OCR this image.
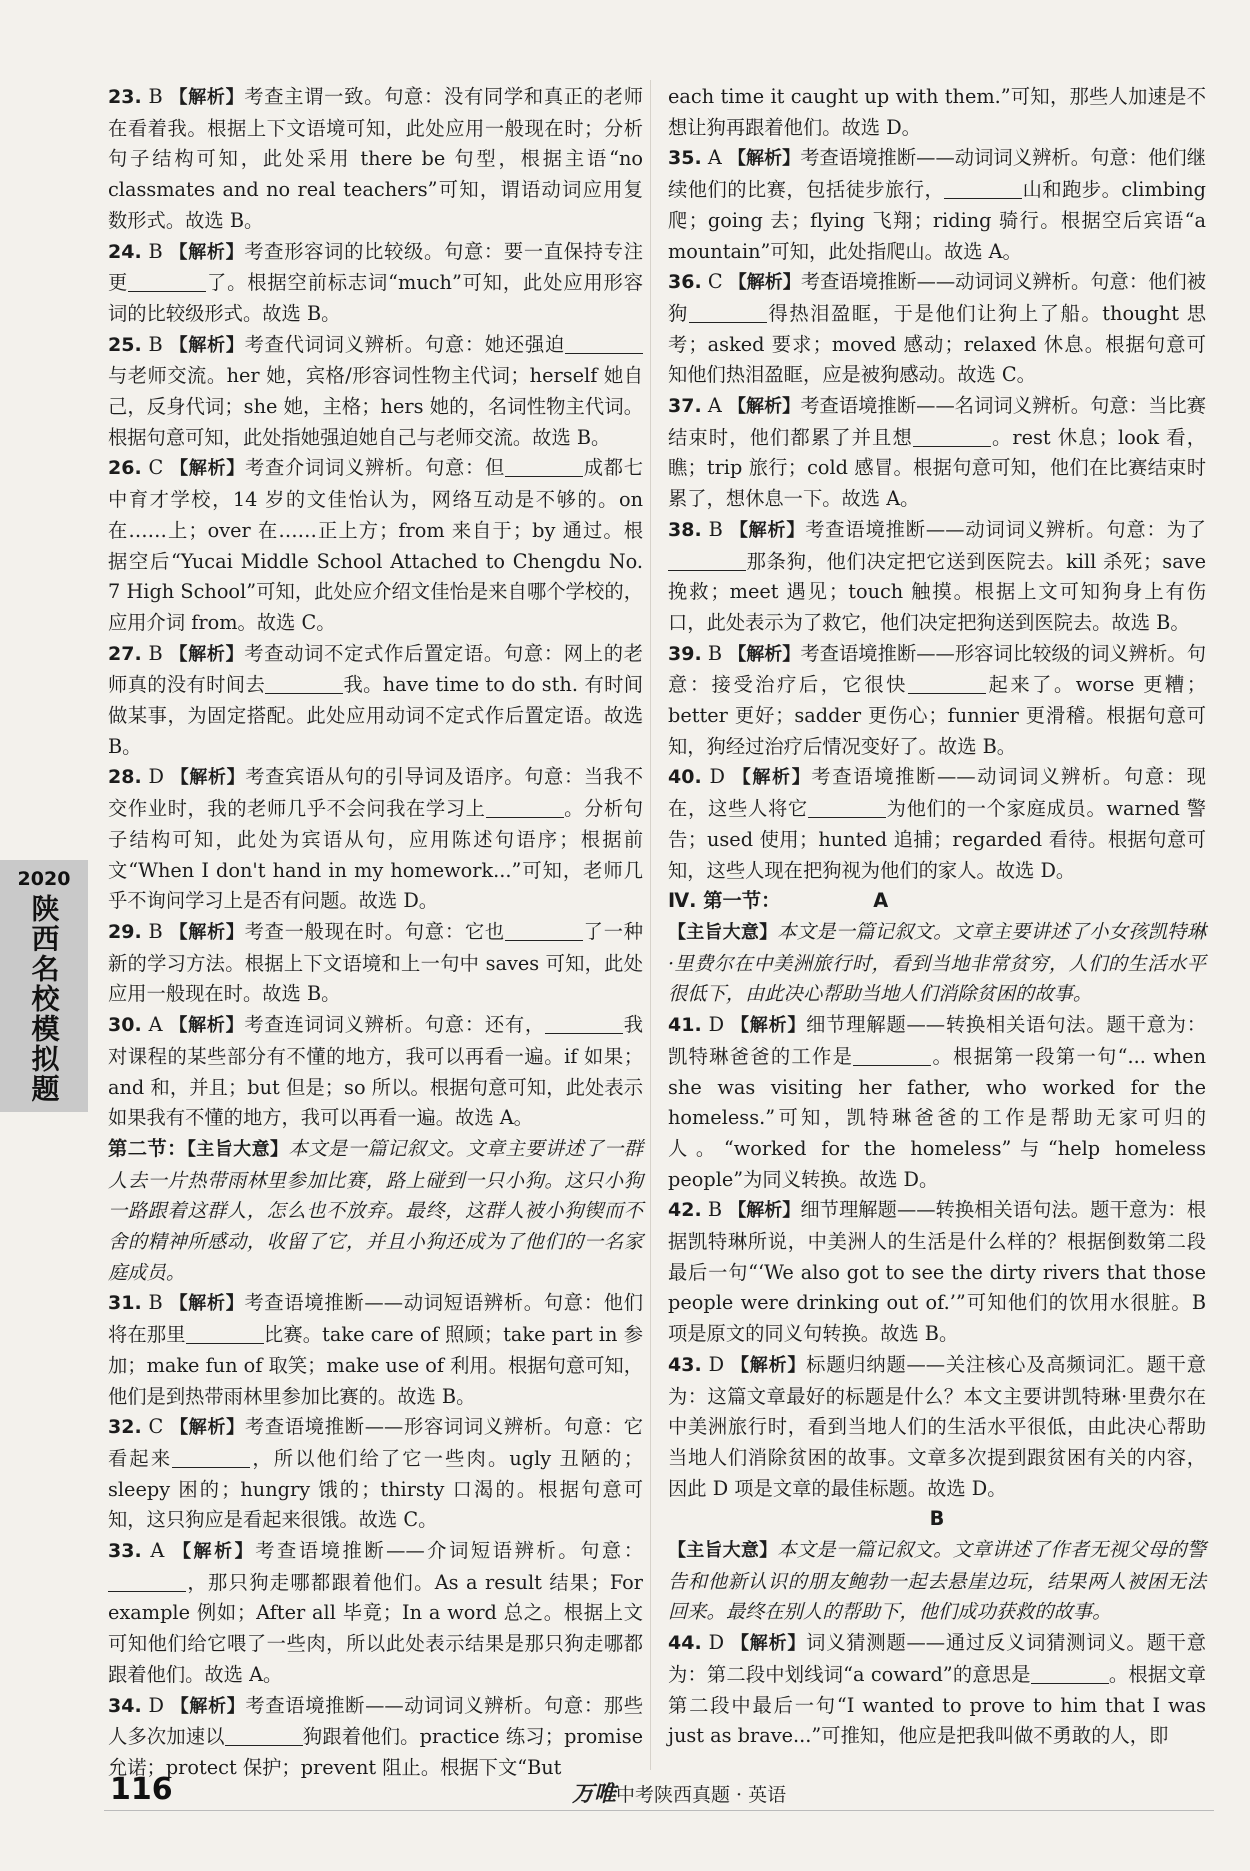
23. B 【解析】考查主谓一致。句意：没有同学和真正的老师在看着我。根据上下文语境可知，此处应用一般现在时；分析句子结构可知，此处采用 there be 句型，根据主语“no classmates and no real teachers”可知，谓语动词应用复数形式。故选 B。

24. B 【解析】考查形容词的比较级。句意：要一直保持专注更	了。根据空前标志词“much”可知，此处应用形容词的比较级形式。故选 B。

25. B 【解析】考查代词词义辨析。句意：她还强迫与老师交流。her 她，宾格/形容词性物主代词；herself 她自己，反身代词；she 她，主格；hers 她的，名词性物主代词。根据句意可知，此处指她强迫她自己与老师交流。故选 B。

26. C 【解析】考查介词词义辨析。句意：但	成都七中育才学校，14 岁的文佳怡认为，网络互动是不够的。on 在……上；over 在……正上方；from 来自于；by 通过。根据空后“Yucai Middle School Attached to Chengdu No. 7 High School”可知，此处应介绍文佳怡是来自哪个学校的，应用介词 from。故选 C。

27. B 【解析】考查动词不定式作后置定语。句意：网上的老师真的没有时间去	我。have time to do sth. 有时间做某事，为固定搭配。此处应用动词不定式作后置定语。故选 B。

28. D 【解析】考查宾语从句的引导词及语序。句意：当我不交作业时，我的老师几乎不会问我在学习上	。分析句子结构可知，此处为宾语从句，应用陈述句语序；根据前文“When I don't hand in my homework...”可知，老师几乎不询问学习上是否有问题。故选 D。

29. B 【解析】考查一般现在时。句意：它也	了一种新的学习方法。根据上下文语境和上一句中 saves 可知，此处应用一般现在时。故选 B。

30. A 【解析】考查连词词义辨析。句意：还有，	我对课程的某些部分有不懂的地方，我可以再看一遍。if 如果；and 和，并且；but 但是；so 所以。根据句意可知，此处表示如果我有不懂的地方，我可以再看一遍。故选 A。

第二节：【主旨大意】本文是一篇记叙文。文章主要讲述了一群人去一片热带雨林里参加比赛，路上碰到一只小狗。这只小狗一路跟着这群人，怎么也不放弃。最终，这群人被小狗锲而不舍的精神所感动，收留了它，并且小狗还成为了他们的一名家庭成员。

31. B 【解析】考查语境推断——动词短语辨析。句意：他们将在那里	比赛。take care of 照顾；take part in 参加；make fun of 取笑；make use of 利用。根据句意可知，他们是到热带雨林里参加比赛的。故选 B。

32. C 【解析】考查语境推断——形容词词义辨析。句意：它看起来	，所以他们给了它一些肉。ugly 丑陋的；sleepy 困的；hungry 饿的；thirsty 口渴的。根据句意可知，这只狗应是看起来很饿。故选 C。

33. A 【解析】考查语境推断——介词短语辨析。句意：，那只狗走哪都跟着他们。As a result 结果；For example 例如；After all 毕竟；In a word 总之。根据上文可知他们给它喂了一些肉，所以此处表示结果是那只狗走哪都跟着他们。故选 A。

34. D 【解析】考查语境推断——动词词义辨析。句意：那些人多次加速以	狗跟着他们。practice 练习；promise 允诺；protect 保护；prevent 阻止。根据下文“But

each time it caught up with them.”可知，那些人加速是不想让狗再跟着他们。故选 D。

35. A 【解析】考查语境推断——动词词义辨析。句意：他们继续他们的比赛，包括徒步旅行，	山和跑步。climbing 爬；going 去；flying 飞翔；riding 骑行。根据空后宾语“a mountain”可知，此处指爬山。故选 A。

36. C 【解析】考查语境推断——动词词义辨析。句意：他们被狗	得热泪盈眶，于是他们让狗上了船。thought 思考；asked 要求；moved 感动；relaxed 休息。根据句意可知他们热泪盈眶，应是被狗感动。故选 C。

37. A 【解析】考查语境推断——名词词义辨析。句意：当比赛结束时，他们都累了并且想	。rest 休息；look 看，瞧；trip 旅行；cold 感冒。根据句意可知，他们在比赛结束时累了，想休息一下。故选 A。

38. B 【解析】考查语境推断——动词词义辨析。句意：为了那条狗，他们决定把它送到医院去。kill 杀死；save 挽救；meet 遇见；touch 触摸。根据上文可知狗身上有伤口，此处表示为了救它，他们决定把狗送到医院去。故选 B。

39. B 【解析】考查语境推断——形容词比较级的词义辨析。句意：接受治疗后，它很快	起来了。worse 更糟；better 更好；sadder 更伤心；funnier 更滑稽。根据句意可知，狗经过治疗后情况变好了。故选 B。

40. D 【解析】考查语境推断——动词词义辨析。句意：现在，这些人将它	为他们的一个家庭成员。warned 警告；used 使用；hunted 追捕；regarded 看待。根据句意可知，这些人现在把狗视为他们的家人。故选 D。

Ⅳ. 第一节：	A

【主旨大意】本文是一篇记叙文。文章主要讲述了小女孩凯特琳·里费尔在中美洲旅行时，看到当地非常贫穷，人们的生活水平很低下，由此决心帮助当地人们消除贫困的故事。

41. D 【解析】细节理解题——转换相关语句法。题干意为：凯特琳爸爸的工作是	。根据第一段第一句“... when she was visiting her father, who worked for the homeless.”可知，凯特琳爸爸的工作是帮助无家可归的人。“worked for the homeless”与“help homeless people”为同义转换。故选 D。

42. B 【解析】细节理解题——转换相关语句法。题干意为：根据凯特琳所说，中美洲人的生活是什么样的？根据倒数第二段最后一句“‘We also got to see the dirty rivers that those people were drinking out of.’”可知他们的饮用水很脏。B 项是原文的同义句转换。故选 B。

43. D 【解析】标题归纳题——关注核心及高频词汇。题干意为：这篇文章最好的标题是什么？本文主要讲凯特琳·里费尔在中美洲旅行时，看到当地人们的生活水平很低，由此决心帮助当地人们消除贫困的故事。文章多次提到跟贫困有关的内容，因此 D 项是文章的最佳标题。故选 D。

B

【主旨大意】本文是一篇记叙文。文章讲述了作者无视父母的警告和他新认识的朋友鲍勃一起去悬崖边玩，结果两人被困无法回来。最终在别人的帮助下，他们成功获救的故事。

44. D 【解析】词义猜测题——通过反义词猜测词义。题干意为：第二段中划线词“a coward”的意思是	。根据文章第二段中最后一句“I wanted to prove to him that I was just as brave...”可推知，他应是把我叫做不勇敢的人，即

2020
陕西名校模拟题
116	万唯中考陕西真题 · 英语
